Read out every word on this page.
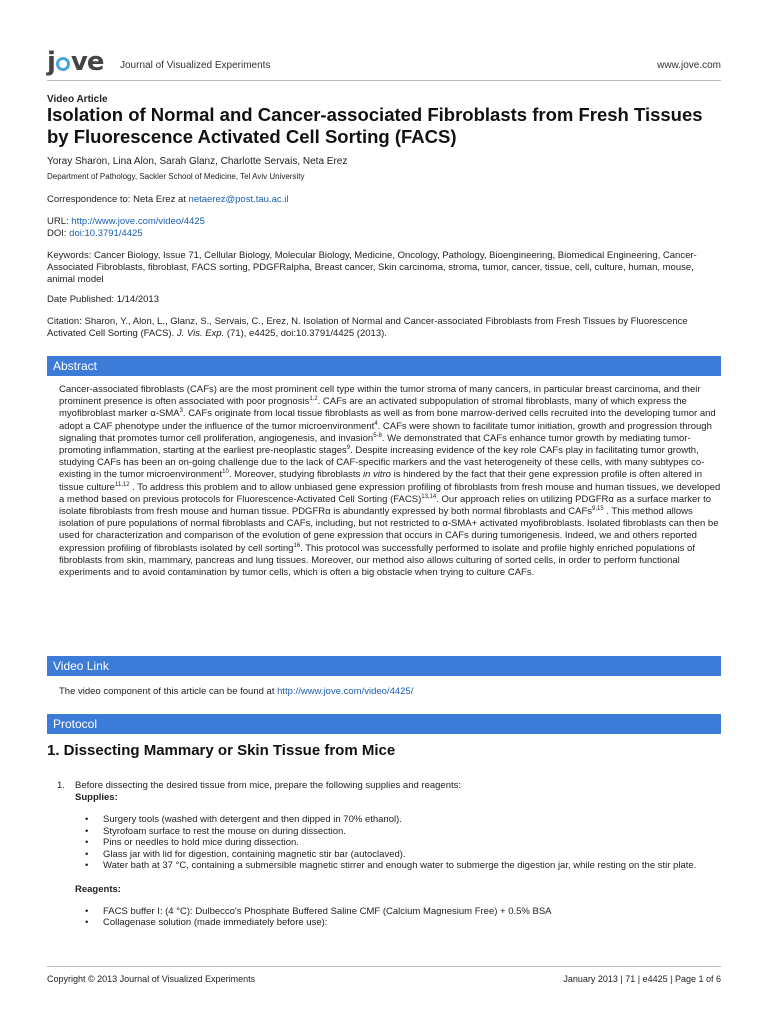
j ve Journal of Visualized Experiments	www.jove.com
Video Article
Isolation of Normal and Cancer-associated Fibroblasts from Fresh Tissues by Fluorescence Activated Cell Sorting (FACS)
Yoray Sharon, Lina Alon, Sarah Glanz, Charlotte Servais, Neta Erez
Department of Pathology, Sackler School of Medicine, Tel Aviv University
Correspondence to: Neta Erez at netaerez@post.tau.ac.il
URL: http://www.jove.com/video/4425
DOI: doi:10.3791/4425
Keywords: Cancer Biology, Issue 71, Cellular Biology, Molecular Biology, Medicine, Oncology, Pathology, Bioengineering, Biomedical Engineering, Cancer-Associated Fibroblasts, fibroblast, FACS sorting, PDGFRalpha, Breast cancer, Skin carcinoma, stroma, tumor, cancer, tissue, cell, culture, human, mouse, animal model
Date Published: 1/14/2013
Citation: Sharon, Y., Alon, L., Glanz, S., Servais, C., Erez, N. Isolation of Normal and Cancer-associated Fibroblasts from Fresh Tissues by Fluorescence Activated Cell Sorting (FACS). J. Vis. Exp. (71), e4425, doi:10.3791/4425 (2013).
Abstract
Cancer-associated fibroblasts (CAFs) are the most prominent cell type within the tumor stroma of many cancers, in particular breast carcinoma, and their prominent presence is often associated with poor prognosis$^{1,2}$. CAFs are an activated subpopulation of stromal fibroblasts, many of which express the myofibroblast marker α-SMA$^3$. CAFs originate from local tissue fibroblasts as well as from bone marrow-derived cells recruited into the developing tumor and adopt a CAF phenotype under the influence of the tumor microenvironment$^4$. CAFs were shown to facilitate tumor initiation, growth and progression through signaling that promotes tumor cell proliferation, angiogenesis, and invasion$^{5-8}$. We demonstrated that CAFs enhance tumor growth by mediating tumor-promoting inflammation, starting at the earliest pre-neoplastic stages$^9$. Despite increasing evidence of the key role CAFs play in facilitating tumor growth, studying CAFs has been an on-going challenge due to the lack of CAF-specific markers and the vast heterogeneity of these cells, with many subtypes co-existing in the tumor microenvironment$^{10}$. Moreover, studying fibroblasts in vitro is hindered by the fact that their gene expression profile is often altered in tissue culture$^{11,12}$ . To address this problem and to allow unbiased gene expression profiling of fibroblasts from fresh mouse and human tissues, we developed a method based on previous protocols for Fluorescence-Activated Cell Sorting (FACS)$^{13,14}$. Our approach relies on utilizing PDGFRα as a surface marker to isolate fibroblasts from fresh mouse and human tissue. PDGFRα is abundantly expressed by both normal fibroblasts and CAFs$^{9,15}$ . This method allows isolation of pure populations of normal fibroblasts and CAFs, including, but not restricted to α-SMA+ activated myofibroblasts. Isolated fibroblasts can then be used for characterization and comparison of the evolution of gene expression that occurs in CAFs during tumorigenesis. Indeed, we and others reported expression profiling of fibroblasts isolated by cell sorting$^{16}$. This protocol was successfully performed to isolate and profile highly enriched populations of fibroblasts from skin, mammary, pancreas and lung tissues. Moreover, our method also allows culturing of sorted cells, in order to perform functional experiments and to avoid contamination by tumor cells, which is often a big obstacle when trying to culture CAFs.
Video Link
The video component of this article can be found at http://www.jove.com/video/4425/
Protocol
1. Dissecting Mammary or Skin Tissue from Mice
1. Before dissecting the desired tissue from mice, prepare the following supplies and reagents:
Supplies:
• Surgery tools (washed with detergent and then dipped in 70% ethanol).
• Styrofoam surface to rest the mouse on during dissection.
• Pins or needles to hold mice during dissection.
• Glass jar with lid for digestion, containing magnetic stir bar (autoclaved).
• Water bath at 37 °C, containing a submersible magnetic stirrer and enough water to submerge the digestion jar, while resting on the stir plate.
Reagents:
• FACS buffer I: (4 °C): Dulbecco's Phosphate Buffered Saline CMF (Calcium Magnesium Free) + 0.5% BSA
• Collagenase solution (made immediately before use):
Copyright © 2013 Journal of Visualized Experiments	January 2013 | 71 | e4425 | Page 1 of 6
